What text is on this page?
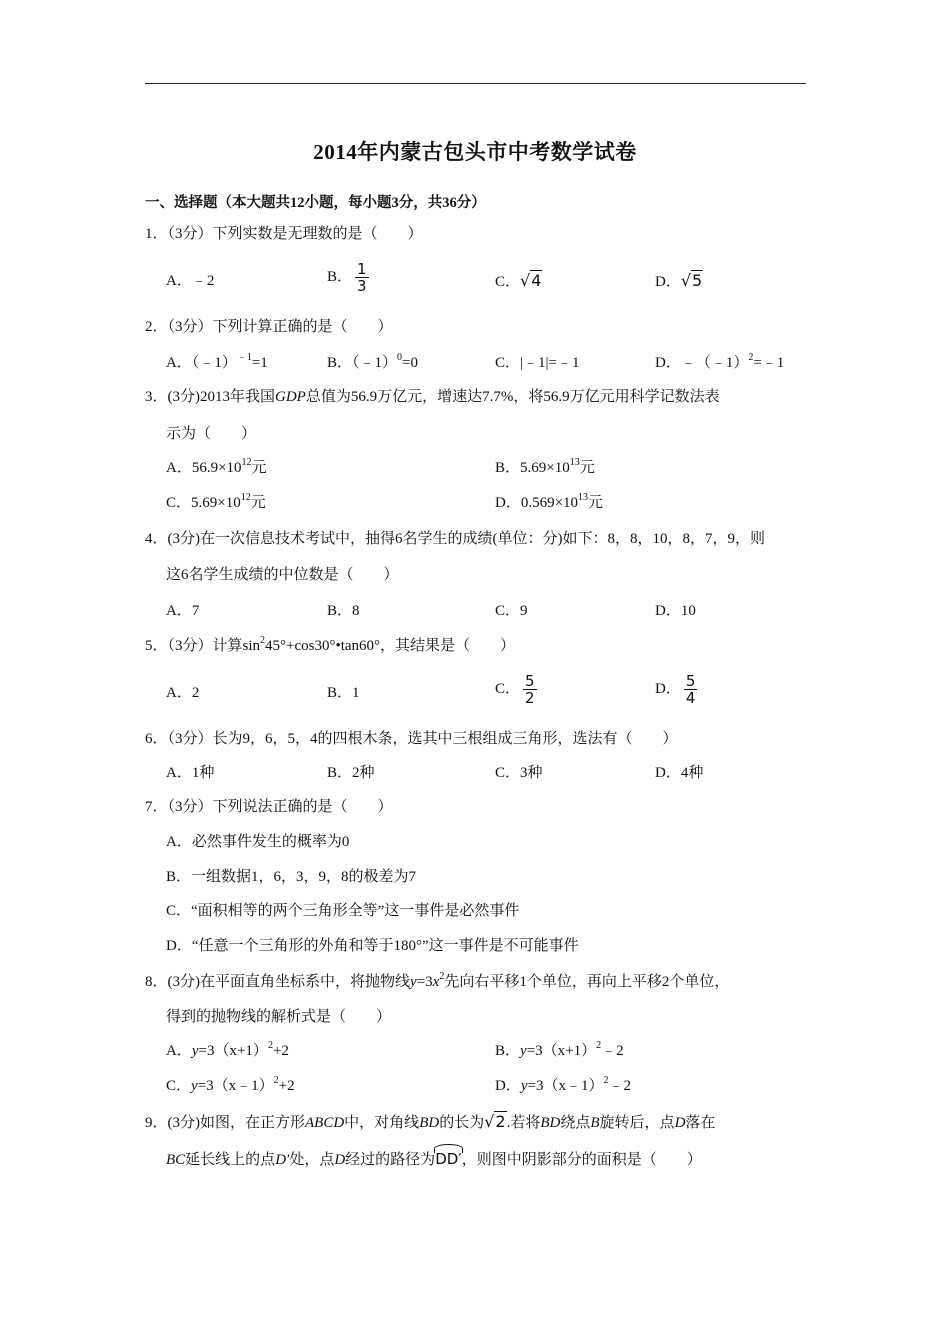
2014年内蒙古包头市中考数学试卷
一、选择题（本大题共12小题，每小题3分，共36分）
1．（3分）下列实数是无理数的是（　　）
A．﹣2	B． $\frac{1}{3}$	C．√4	D．√5
2．（3分）下列计算正确的是（　　）
A．（﹣1）$^{﹣1}$=1	B．（﹣1）$^0$=0	C．|﹣1|=﹣1	D．﹣（﹣1）$^2$=﹣1
3．(3分)2013年我国GDP总值为56.9万亿元，增速达7.7%，将56.9万亿元用科学记数法表
示为（　　）
A．$56.9\times 10^{12}$元	B．$5.69\times 10^{13}$元
C．$5.69\times 10^{12}$元	D．$0.569\times 10^{13}$元
4．(3分)在一次信息技术考试中，抽得6名学生的成绩(单位：分)如下：8，8，10，8，7，9，则
这6名学生成绩的中位数是（　　）
A．7	B．8	C．9	D．10
5．（3分）计算$\sin^245^\circ+\cos 30^\circ•\tan 60^\circ$，其结果是（　　）
A．2	B．1	C． $\frac{5}{2}$	D． $\frac{5}{4}$
6．（3分）长为9，6，5，4的四根木条，选其中三根组成三角形，选法有（　　）
A．1种	B．2种	C．3种	D．4种
7．（3分）下列说法正确的是（　　）
A．必然事件发生的概率为0
B．一组数据1，6，3，9，8的极差为7
C．“面积相等的两个三角形全等”这一事件是必然事件
D．“任意一个三角形的外角和等于180°”这一事件是不可能事件
8．(3分)在平面直角坐标系中，将抛物线$y=3x^2$先向右平移1个单位，再向上平移2个单位，
得到的抛物线的解析式是（　　）
A．$y=3(x+1)^2+2$	B．$y=3(x+1)^2﹣2$
C．y=3（x﹣1）$^2$+2	D．y=3（x﹣1）$^2$﹣2
9．(3分)如图，在正方形ABCD中，对角线BD的长为√2.若将BD绕点B旋转后，点D落在
BC延长线上的点D′处，点D经过的路径为DD′，则图中阴影部分的面积是（　　）
